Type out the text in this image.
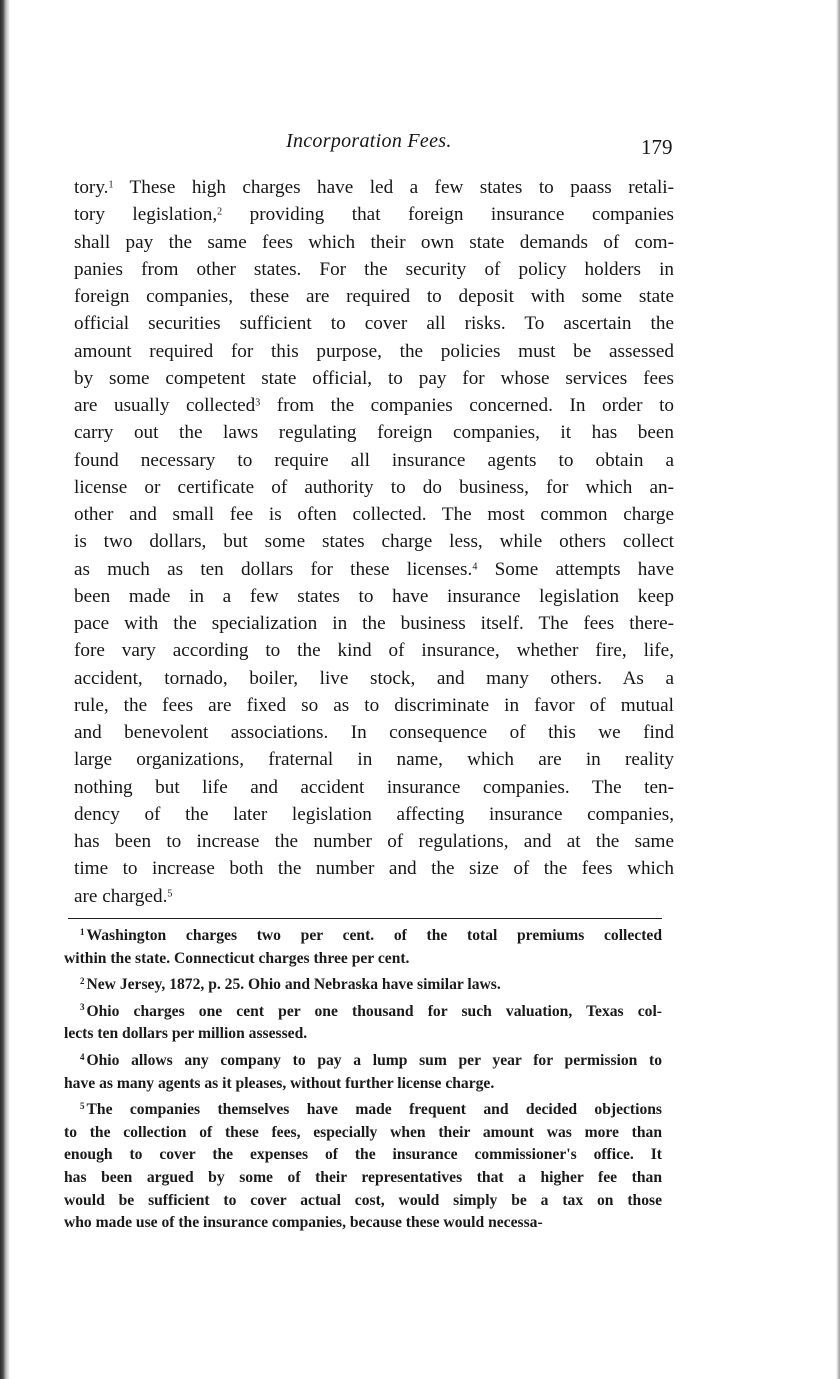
Incorporation Fees.	179
tory.$^1$ These high charges have led a few states to paass retali-
tory legislation,$^2$ providing that foreign insurance companies
shall pay the same fees which their own state demands of com-
panies from other states. For the security of policy holders in
foreign companies, these are required to deposit with some state
official securities sufficient to cover all risks. To ascertain the
amount required for this purpose, the policies must be assessed
by some competent state official, to pay for whose services fees
are usually collected$^3$ from the companies concerned. In order to
carry out the laws regulating foreign companies, it has been
found necessary to require all insurance agents to obtain a
license or certificate of authority to do business, for which an-
other and small fee is often collected. The most common charge
is two dollars, but some states charge less, while others collect
as much as ten dollars for these licenses.$^4$ Some attempts have
been made in a few states to have insurance legislation keep
pace with the specialization in the business itself. The fees there-
fore vary according to the kind of insurance, whether fire, life,
accident, tornado, boiler, live stock, and many others. As a
rule, the fees are fixed so as to discriminate in favor of mutual
and benevolent associations. In consequence of this we find
large organizations, fraternal in name, which are in reality
nothing but life and accident insurance companies. The ten-
dency of the later legislation affecting insurance companies,
has been to increase the number of regulations, and at the same
time to increase both the number and the size of the fees which
are charged.$^5$
$^1$ Washington charges two per cent. of the total premiums collected
within the state. Connecticut charges three per cent.
$^2$ New Jersey, 1872, p. 25. Ohio and Nebraska have similar laws.
$^3$ Ohio charges one cent per one thousand for such valuation, Texas col-
lects ten dollars per million assessed.
$^4$ Ohio allows any company to pay a lump sum per year for permission to
have as many agents as it pleases, without further license charge.
$^5$ The companies themselves have made frequent and decided objections
to the collection of these fees, especially when their amount was more than
enough to cover the expenses of the insurance commissioner's office. It
has been argued by some of their representatives that a higher fee than
would be sufficient to cover actual cost, would simply be a tax on those
who made use of the insurance companies, because these would necessa-
